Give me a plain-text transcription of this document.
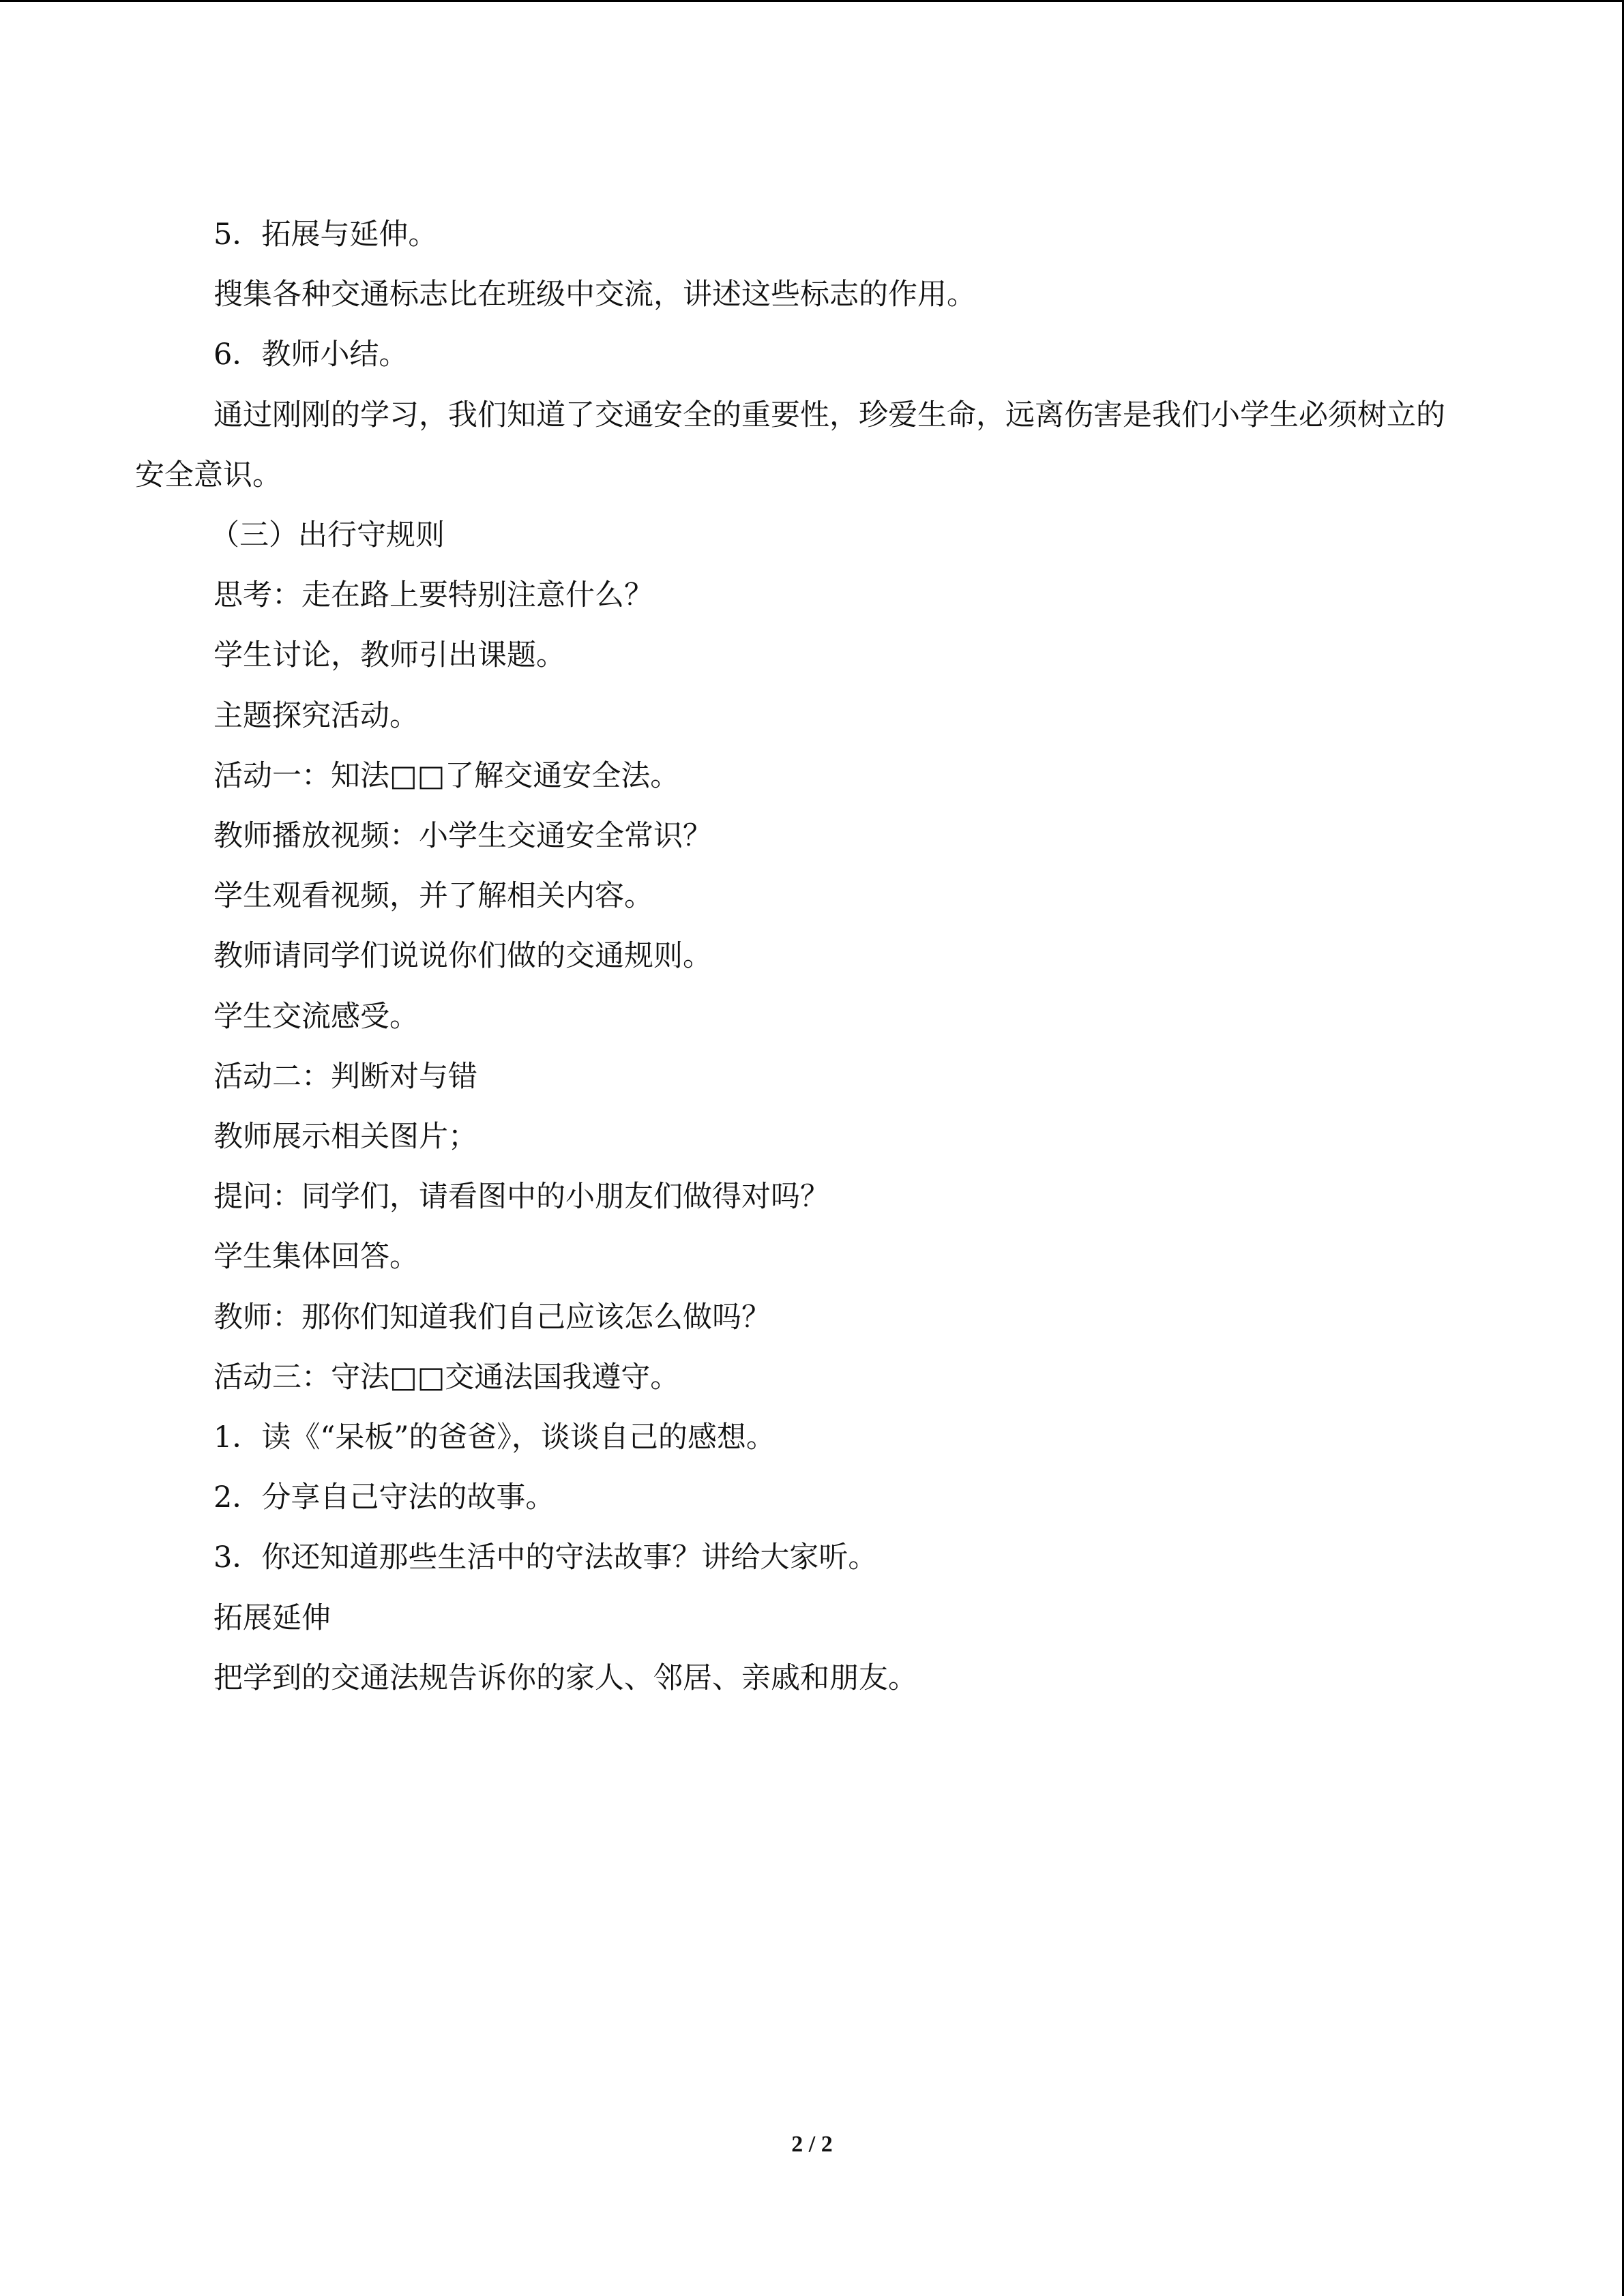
5．拓展与延伸。

搜集各种交通标志比在班级中交流，讲述这些标志的作用。

6．教师小结。

通过刚刚的学习，我们知道了交通安全的重要性，珍爱生命，远离伤害是我们小学生必须树立的安全意识。

（三）出行守规则

思考：走在路上要特别注意什么？

学生讨论，教师引出课题。

主题探究活动。

活动一：知法□□了解交通安全法。

教师播放视频：小学生交通安全常识？

学生观看视频，并了解相关内容。

教师请同学们说说你们做的交通规则。

学生交流感受。

活动二：判断对与错

教师展示相关图片；

提问：同学们，请看图中的小朋友们做得对吗？

学生集体回答。

教师：那你们知道我们自己应该怎么做吗？

活动三：守法□□交通法国我遵守。

1．读《“呆板”的爸爸》，谈谈自己的感想。

2．分享自己守法的故事。

3．你还知道那些生活中的守法故事？讲给大家听。

拓展延伸

把学到的交通法规告诉你的家人、邻居、亲戚和朋友。

2 / 2
